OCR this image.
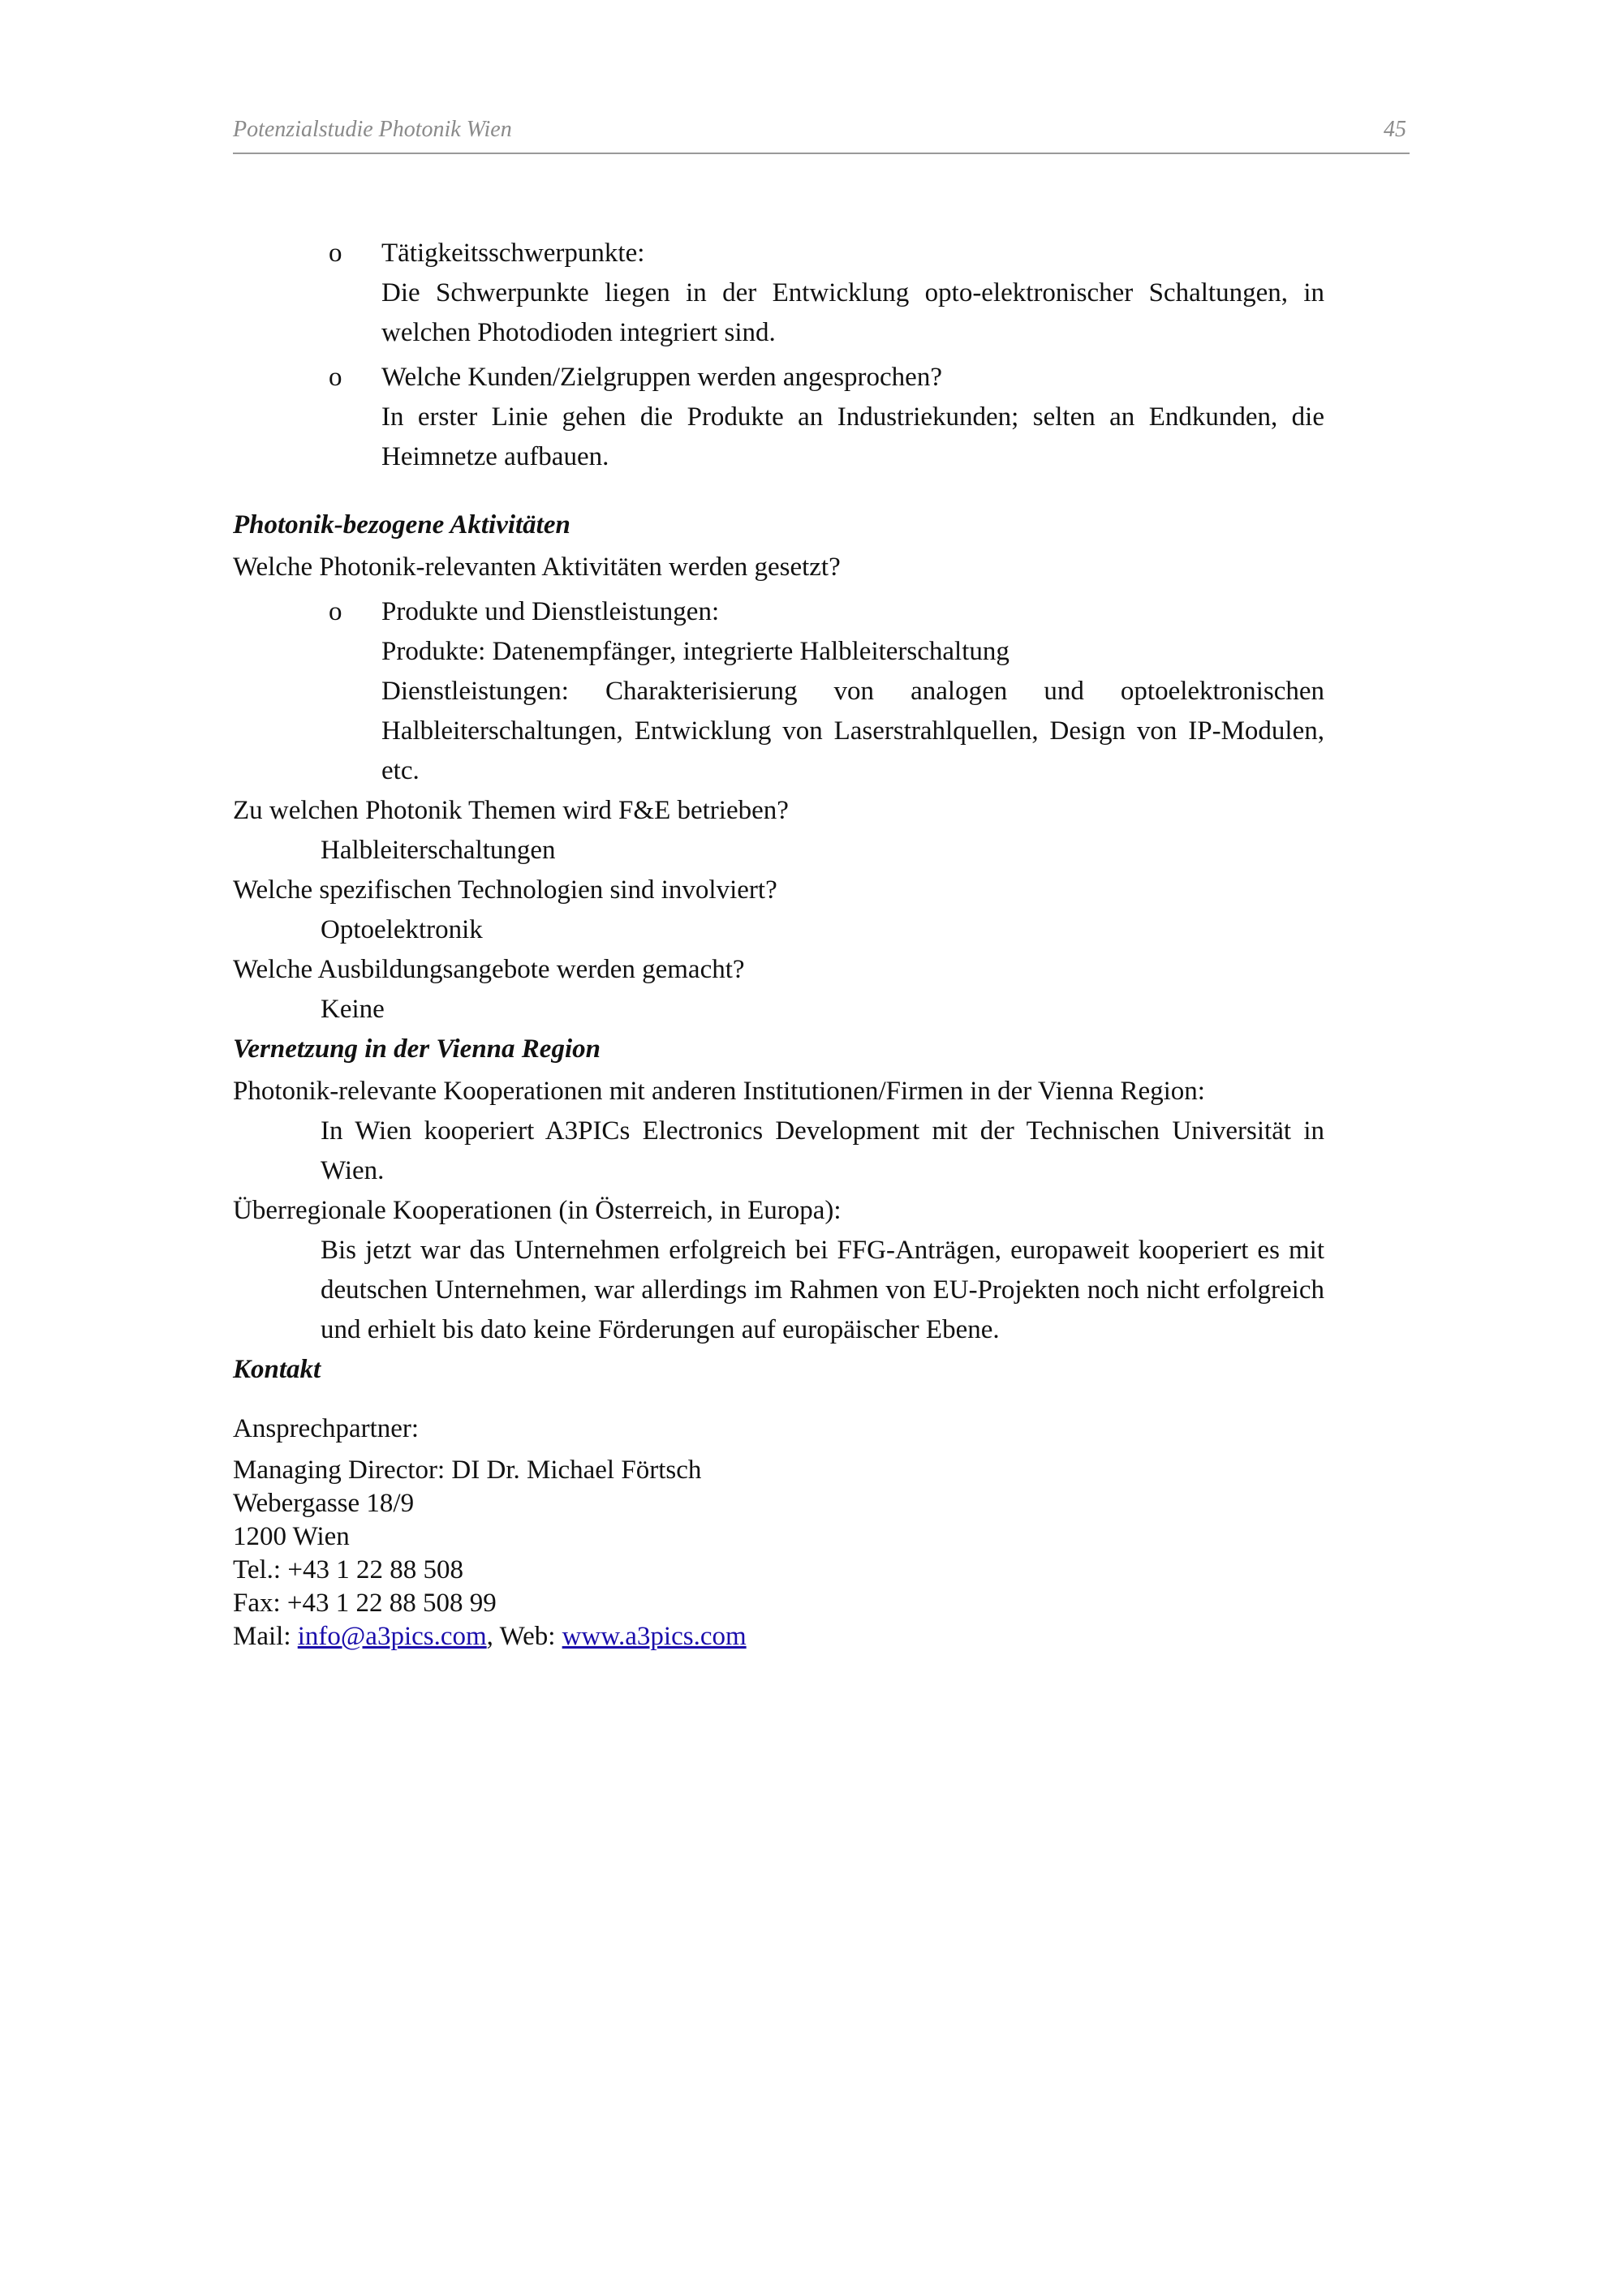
Potenzialstudie Photonik Wien	45
o Tätigkeitsschwerpunkte:

Die Schwerpunkte liegen in der Entwicklung opto-elektronischer Schaltungen, in welchen Photodioden integriert sind.

o Welche Kunden/Zielgruppen werden angesprochen?

In erster Linie gehen die Produkte an Industriekunden; selten an Endkunden, die Heimnetze aufbauen.

Photonik-bezogene Aktivitäten

Welche Photonik-relevanten Aktivitäten werden gesetzt?

o Produkte und Dienstleistungen:

Produkte: Datenempfänger, integrierte Halbleiterschaltung

Dienstleistungen: Charakterisierung von analogen und optoelektronischen Halbleiterschaltungen, Entwicklung von Laserstrahlquellen, Design von IP-Modulen, etc.

Zu welchen Photonik Themen wird F&E betrieben?

Halbleiterschaltungen

Welche spezifischen Technologien sind involviert?

Optoelektronik

Welche Ausbildungsangebote werden gemacht?

Keine

Vernetzung in der Vienna Region

Photonik-relevante Kooperationen mit anderen Institutionen/Firmen in der Vienna Region:

In Wien kooperiert A3PICs Electronics Development mit der Technischen Universität in Wien.

Überregionale Kooperationen (in Österreich, in Europa):

Bis jetzt war das Unternehmen erfolgreich bei FFG-Anträgen, europaweit kooperiert es mit deutschen Unternehmen, war allerdings im Rahmen von EU-Projekten noch nicht erfolgreich und erhielt bis dato keine Förderungen auf europäischer Ebene.

Kontakt

Ansprechpartner:

Managing Director: DI Dr. Michael Förtsch

Webergasse 18/9

1200 Wien

Tel.: +43 1 22 88 508

Fax: +43 1 22 88 508 99

Mail: info@a3pics.com, Web: www.a3pics.com
